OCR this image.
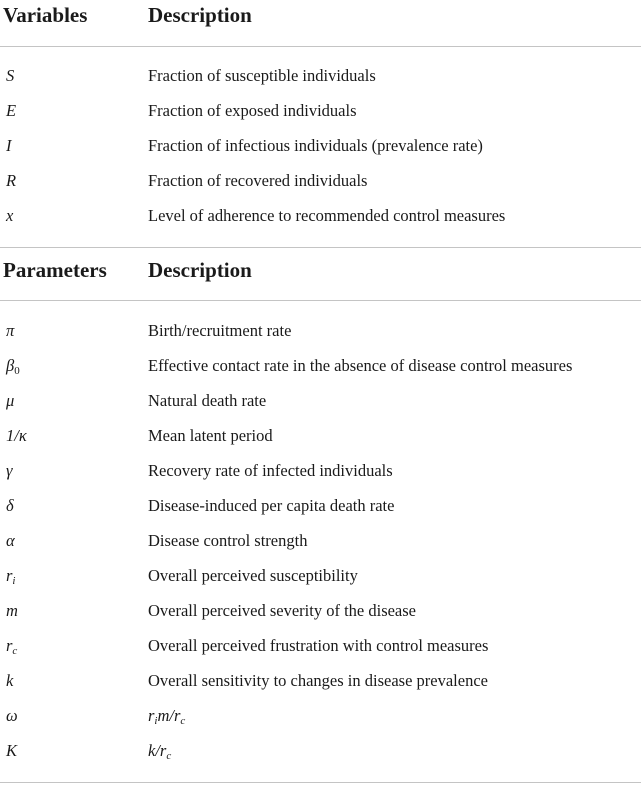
Variables	Description
S	Fraction of susceptible individuals
E	Fraction of exposed individuals
I	Fraction of infectious individuals (prevalence rate)
R	Fraction of recovered individuals
x	Level of adherence to recommended control measures
Parameters Description
π	Birth/recruitment rate
β0	Effective contact rate in the absence of disease control measures
μ	Natural death rate
1/κ	Mean latent period
γ	Recovery rate of infected individuals
δ	Disease-induced per capita death rate
α	Disease control strength
$r_i$	Overall perceived susceptibility
m	Overall perceived severity of the disease
$r_c$	Overall perceived frustration with control measures
k	Overall sensitivity to changes in disease prevalence
ω	$r_im/r_c$
K	$k/r_c$
